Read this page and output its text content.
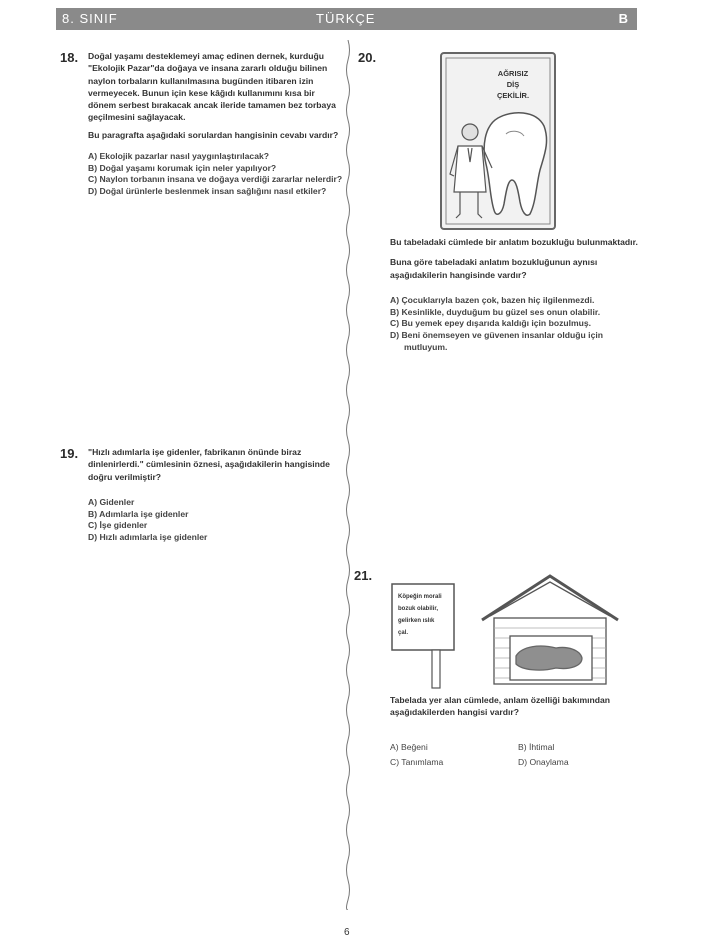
8. SINIF	TÜRKÇE	B
18. Doğal yaşamı desteklemeyi amaç edinen dernek, kurduğu "Ekolojik Pazar"da doğaya ve insana zararlı olduğu bilinen naylon torbaların kullanılmasına bugünden itibaren izin vermeyecek. Bunun için kese kâğıdı kullanımını kısa bir dönem serbest bırakacak ancak ileride tamamen bez torbaya geçilmesini sağlayacak.
Bu paragrafta aşağıdaki sorulardan hangisinin cevabı vardır?
A) Ekolojik pazarlar nasıl yaygınlaştırılacak?
B) Doğal yaşamı korumak için neler yapılıyor?
C) Naylon torbanın insana ve doğaya verdiği zararlar nelerdir?
D) Doğal ürünlerle beslenmek insan sağlığını nasıl etkiler?
19. "Hızlı adımlarla işe gidenler, fabrikanın önünde biraz dinlenirlerdi." cümlesinin öznesi, aşağıdakilerin hangisinde doğru verilmiştir?
A) Gidenler
B) Adımlarla işe gidenler
C) İşe gidenler
D) Hızlı adımlarla işe gidenler
20.
AĞRISIZ
DİŞ
ÇEKİLİR.
Bu tabeladaki cümlede bir anlatım bozukluğu bulunmaktadır.
Buna göre tabeladaki anlatım bozukluğunun aynısı aşağıdakilerin hangisinde vardır?
A) Çocuklarıyla bazen çok, bazen hiç ilgilenmezdi.
B) Kesinlikle, duyduğum bu güzel ses onun olabilir.
C) Bu yemek epey dışarıda kaldığı için bozulmuş.
D) Beni önemseyen ve güvenen insanlar olduğu için mutluyum.
21.
Köpeğin morali
bozuk olabilir,
gelirken ıslık
çal.
Tabelada yer alan cümlede, anlam özelliği bakımından aşağıdakilerden hangisi vardır?
A) Beğeni	B) İhtimal
C) Tanımlama	D) Onaylama
6
